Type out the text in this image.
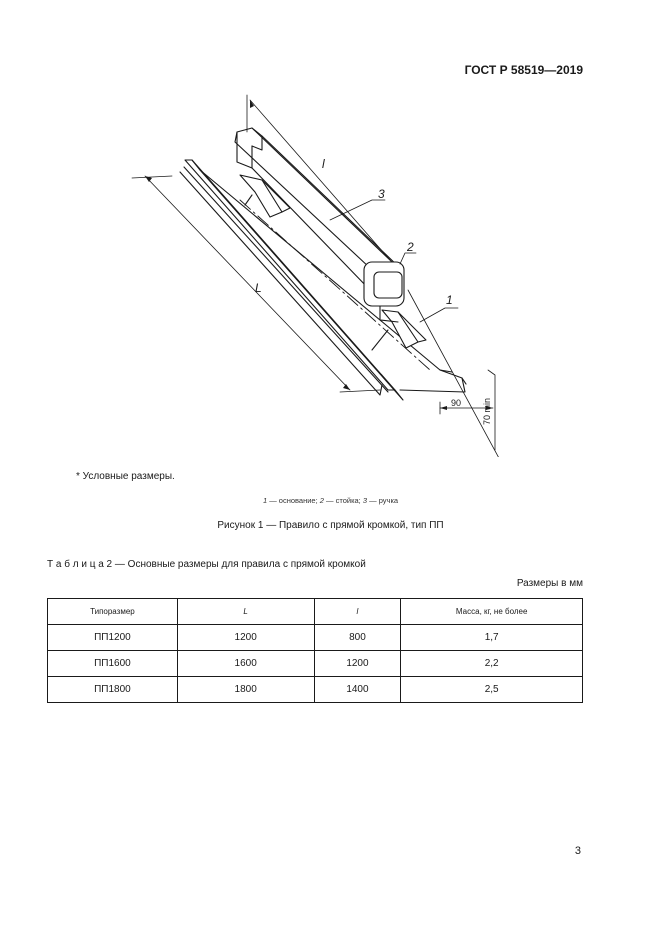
ГОСТ Р 58519—2019
L
l
3
2
1
90 70 min
* Условные размеры.
1 — основание; 2 — стойка; 3 — ручка
Рисунок 1 — Правило с прямой кромкой, тип ПП
Т а б л и ц а 2 — Основные размеры для правила с прямой кромкой
Размеры в мм
Типоразмер	L	l	Масса, кг, не более
ПП1200	1200	800	1,7
ПП1600	1600	1200	2,2
ПП1800	1800	1400	2,5
3
